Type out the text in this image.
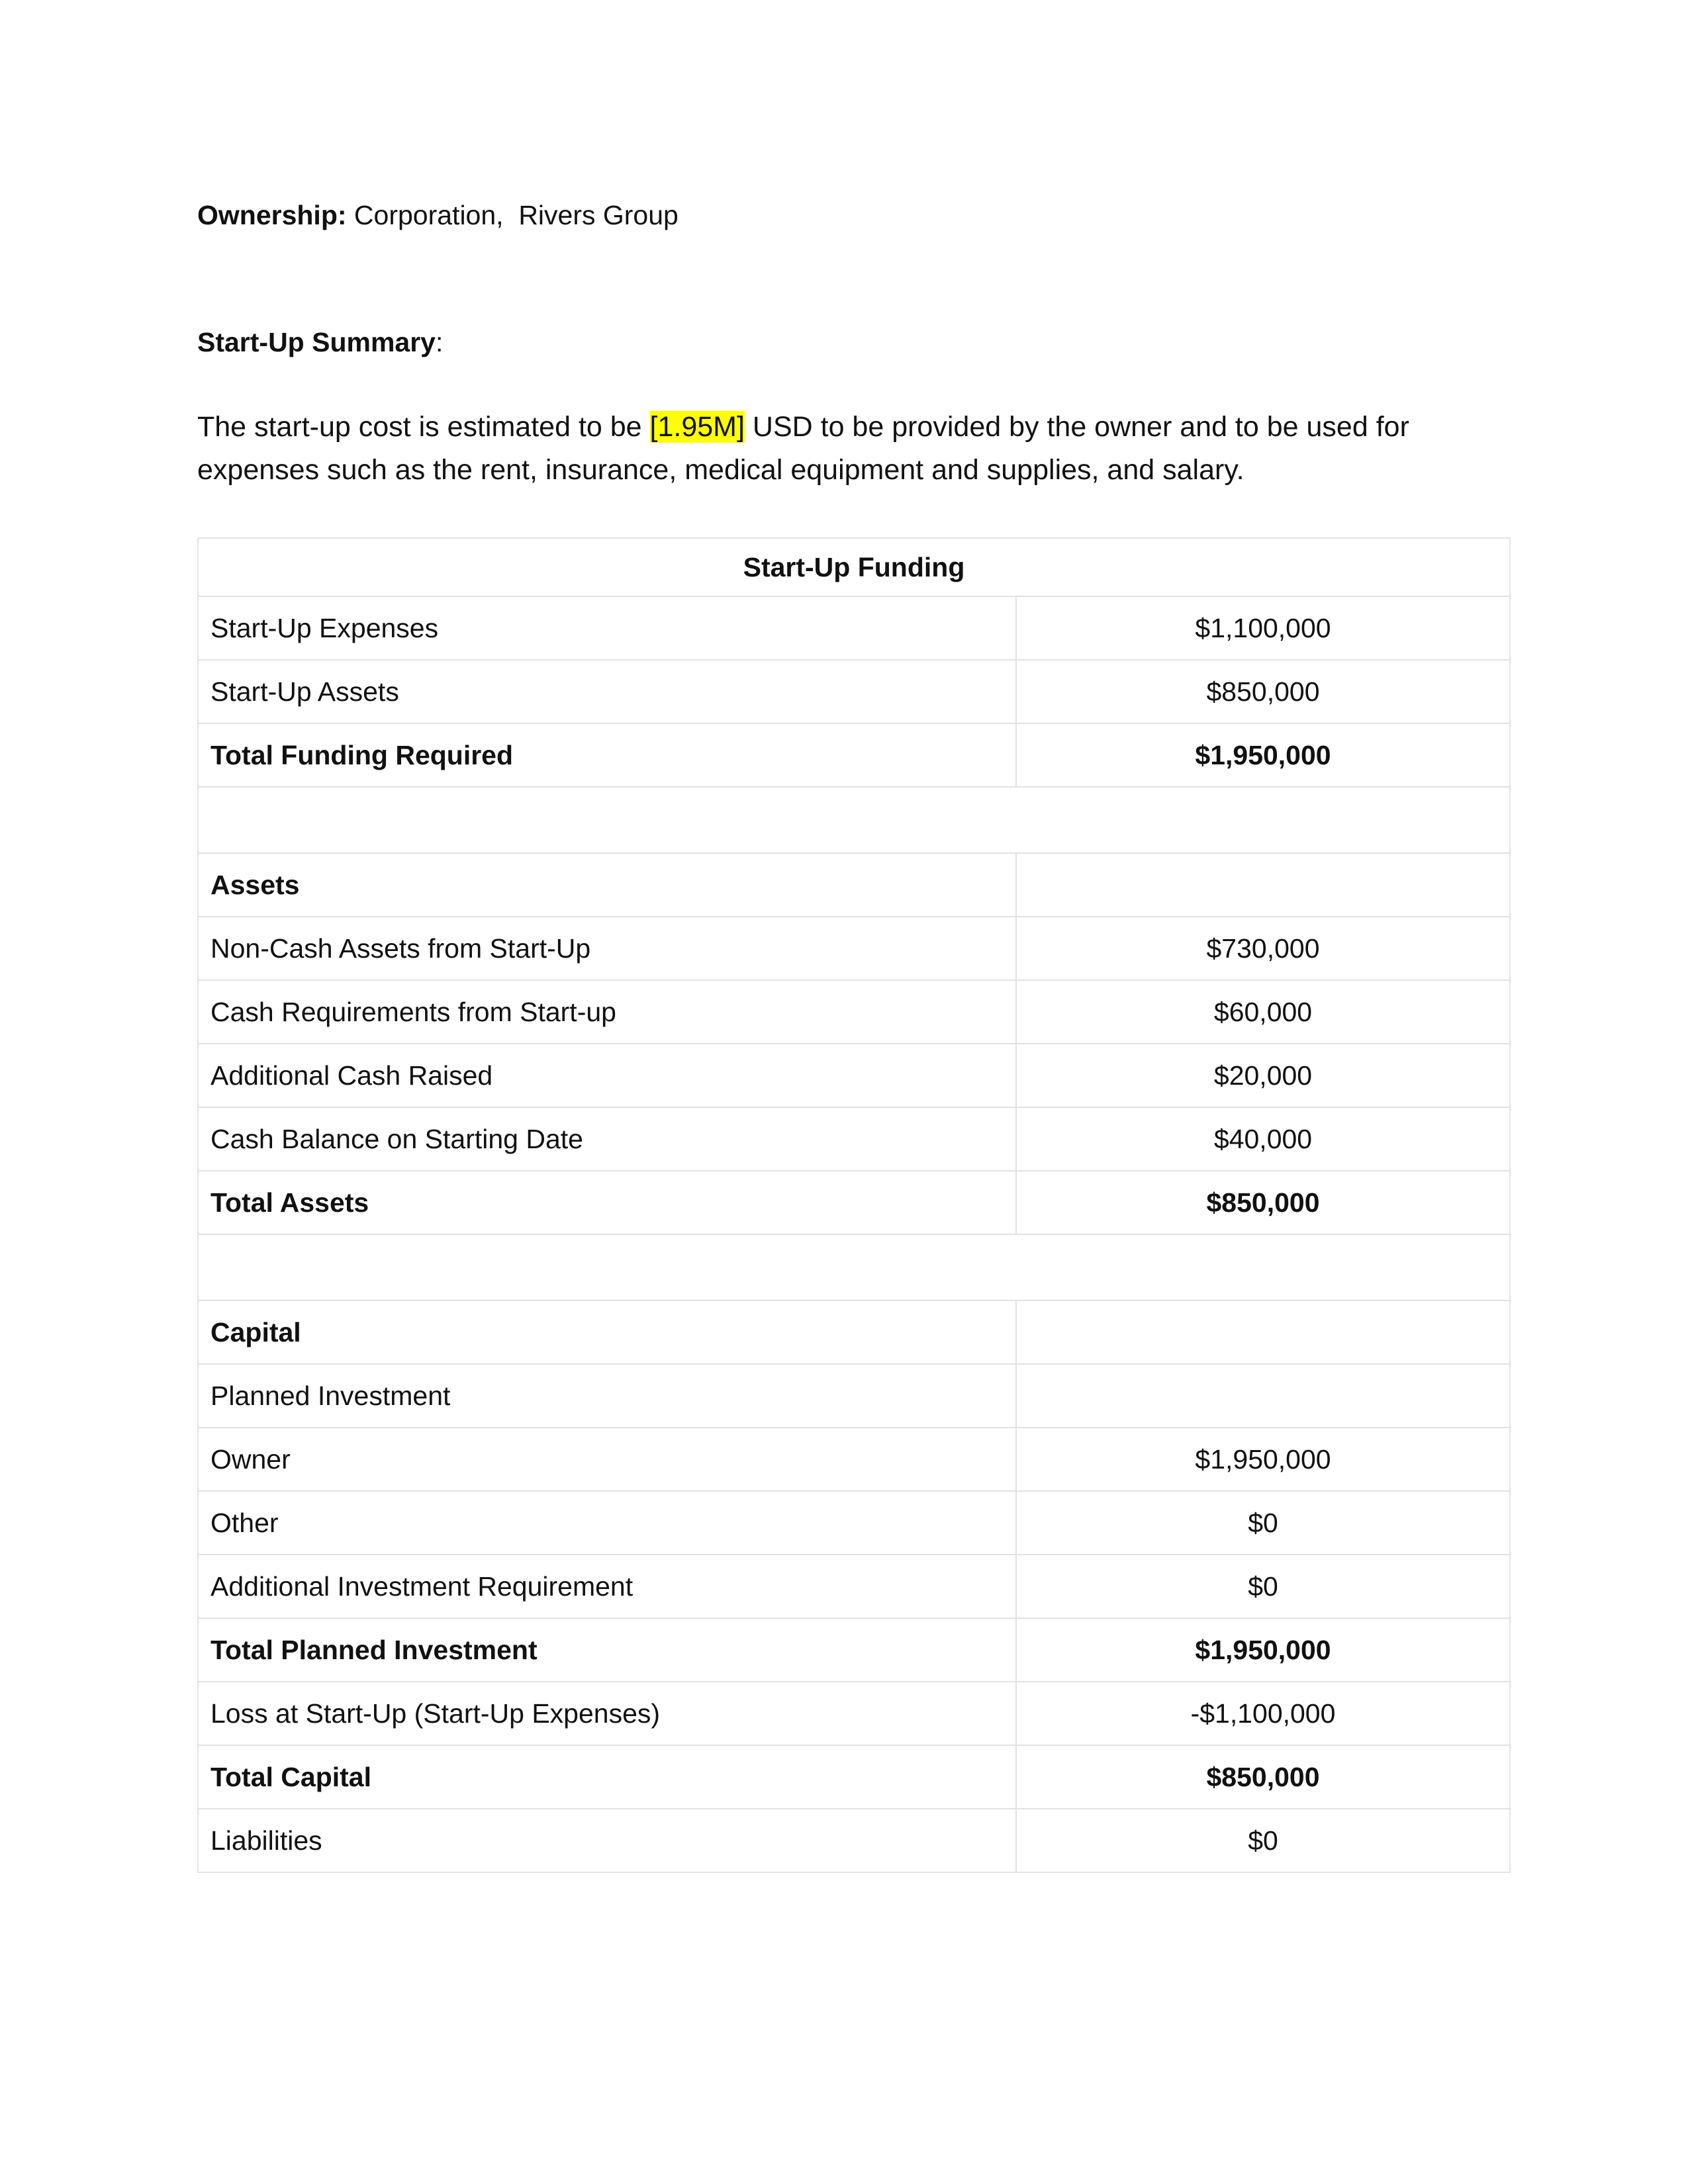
Ownership: Corporation,  Rivers Group
Start-Up Summary:
The start-up cost is estimated to be [1.95M] USD to be provided by the owner and to be used for expenses such as the rent, insurance, medical equipment and supplies, and salary.
Start-Up Funding	
Start-Up Expenses	$1,100,000
Start-Up Assets	$850,000
Total Funding Required	$1,950,000

Assets	
Non-Cash Assets from Start-Up	$730,000
Cash Requirements from Start-up	$60,000
Additional Cash Raised	$20,000
Cash Balance on Starting Date	$40,000
Total Assets	$850,000

Capital	
Planned Investment	
Owner	$1,950,000
Other	$0
Additional Investment Requirement	$0
Total Planned Investment	$1,950,000
Loss at Start-Up (Start-Up Expenses)	-$1,100,000
Total Capital	$850,000
Liabilities	$0
